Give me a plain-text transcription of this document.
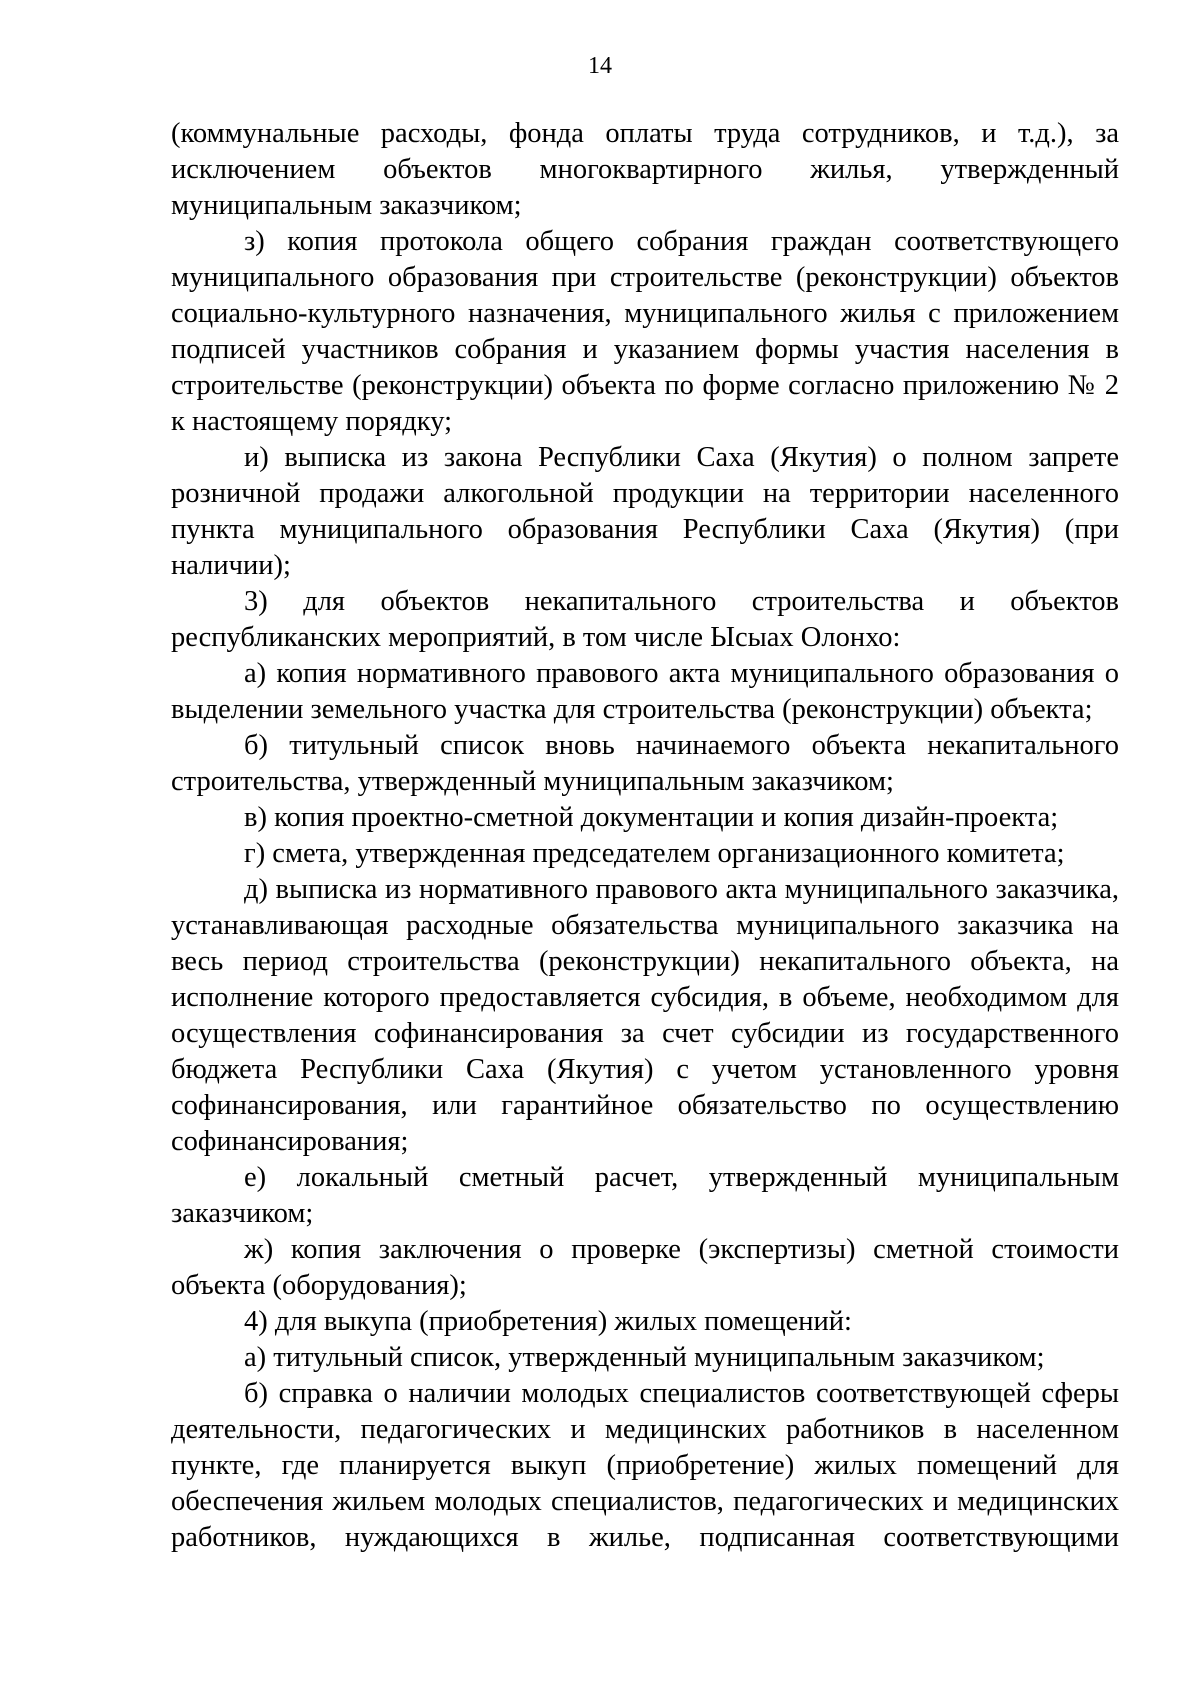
14

(коммунальные расходы, фонда оплаты труда сотрудников, и т.д.), за исключением объектов многоквартирного жилья, утвержденный муниципальным заказчиком;

з) копия протокола общего собрания граждан соответствующего муниципального образования при строительстве (реконструкции) объектов социально-культурного назначения, муниципального жилья с приложением подписей участников собрания и указанием формы участия населения в строительстве (реконструкции) объекта по форме согласно приложению № 2 к настоящему порядку;

и) выписка из закона Республики Саха (Якутия) о полном запрете розничной продажи алкогольной продукции на территории населенного пункта муниципального образования Республики Саха (Якутия) (при наличии);

3) для объектов некапитального строительства и объектов республиканских мероприятий, в том числе Ысыах Олонхо:

а) копия нормативного правового акта муниципального образования о выделении земельного участка для строительства (реконструкции) объекта;

б) титульный список вновь начинаемого объекта некапитального строительства, утвержденный муниципальным заказчиком;

в) копия проектно-сметной документации и копия дизайн-проекта;

г) смета, утвержденная председателем организационного комитета;

д) выписка из нормативного правового акта муниципального заказчика, устанавливающая расходные обязательства муниципального заказчика на весь период строительства (реконструкции) некапитального объекта, на исполнение которого предоставляется субсидия, в объеме, необходимом для осуществления софинансирования за счет субсидии из государственного бюджета Республики Саха (Якутия) с учетом установленного уровня софинансирования, или гарантийное обязательство по осуществлению софинансирования;

е) локальный сметный расчет, утвержденный муниципальным заказчиком;

ж) копия заключения о проверке (экспертизы) сметной стоимости объекта (оборудования);

4) для выкупа (приобретения) жилых помещений:

а) титульный список, утвержденный муниципальным заказчиком;

б) справка о наличии молодых специалистов соответствующей сферы деятельности, педагогических и медицинских работников в населенном пункте, где планируется выкуп (приобретение) жилых помещений для обеспечения жильем молодых специалистов, педагогических и медицинских работников, нуждающихся в жилье, подписанная соответствующими
